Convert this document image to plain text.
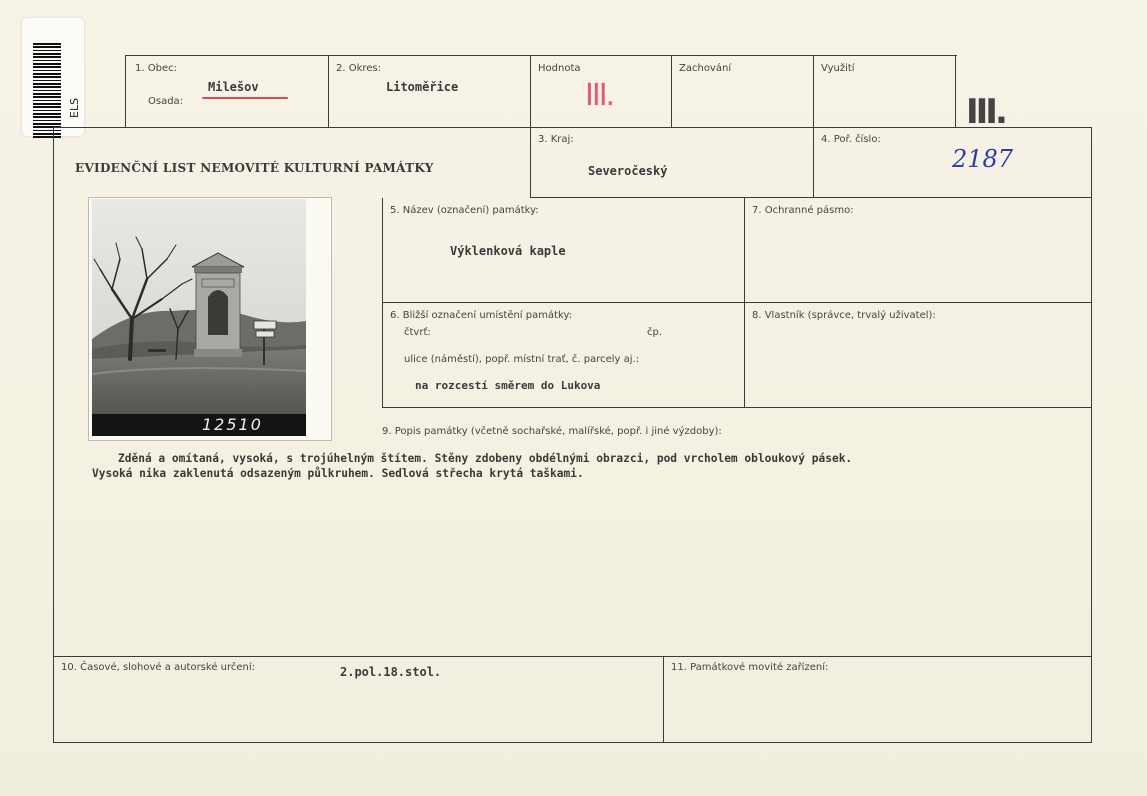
ELS
1. Obec:
Milešov
Osada:
2. Okres:
Litoměřice
Hodnota
III.
Zachování	Využití
III.
EVIDENČNÍ LIST NEMOVITÉ KULTURNÍ PAMÁTKY
3. Kraj:
Severočeský
4. Poř. číslo:
2187
12510
5. Název (označení) památky:
Výklenková kaple
7. Ochranné pásmo:
6. Bližší označení umístění památky:
čtvrť:	čp.
ulice (náměstí), popř. místní trať, č. parcely aj.:
na rozcestí směrem do Lukova
8. Vlastník (správce, trvalý uživatel):
9. Popis památky (včetně sochařské, malířské, popř. i jiné výzdoby):
Zděná a omítaná, vysoká, s trojúhelným štítem. Stěny zdobeny obdélnými obrazci, pod vrcholem obloukový pásek.
Vysoká nika zaklenutá odsazeným půlkruhem. Sedlová střecha krytá taškami.
10. Časové, slohové a autorské určení:	2.pol.18.stol.	11. Památkové movité zařízení:
